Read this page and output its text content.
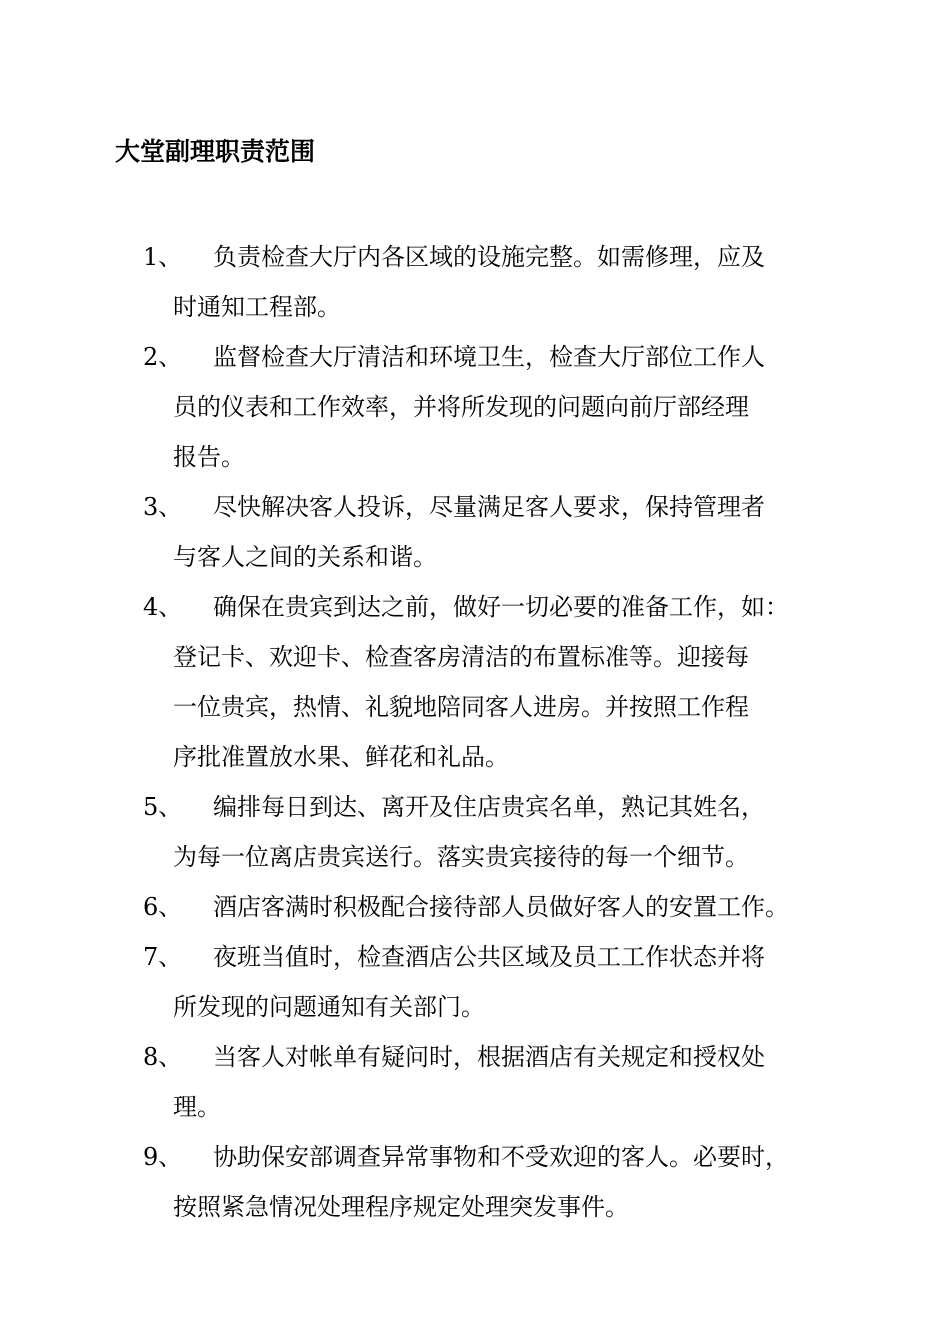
大堂副理职责范围
1、 负责检查大厅内各区域的设施完整。如需修理，应及
时通知工程部。
2、 监督检查大厅清洁和环境卫生，检查大厅部位工作人
员的仪表和工作效率，并将所发现的问题向前厅部经理
报告。
3、 尽快解决客人投诉，尽量满足客人要求，保持管理者
与客人之间的关系和谐。
4、 确保在贵宾到达之前，做好一切必要的准备工作，如：
登记卡、欢迎卡、检查客房清洁的布置标准等。迎接每
一位贵宾，热情、礼貌地陪同客人进房。并按照工作程
序批准置放水果、鲜花和礼品。
5、 编排每日到达、离开及住店贵宾名单，熟记其姓名，
为每一位离店贵宾送行。落实贵宾接待的每一个细节。
6、 酒店客满时积极配合接待部人员做好客人的安置工作。
7、 夜班当值时，检查酒店公共区域及员工工作状态并将
所发现的问题通知有关部门。
8、 当客人对帐单有疑问时，根据酒店有关规定和授权处
理。
9、 协助保安部调查异常事物和不受欢迎的客人。必要时，
按照紧急情况处理程序规定处理突发事件。
